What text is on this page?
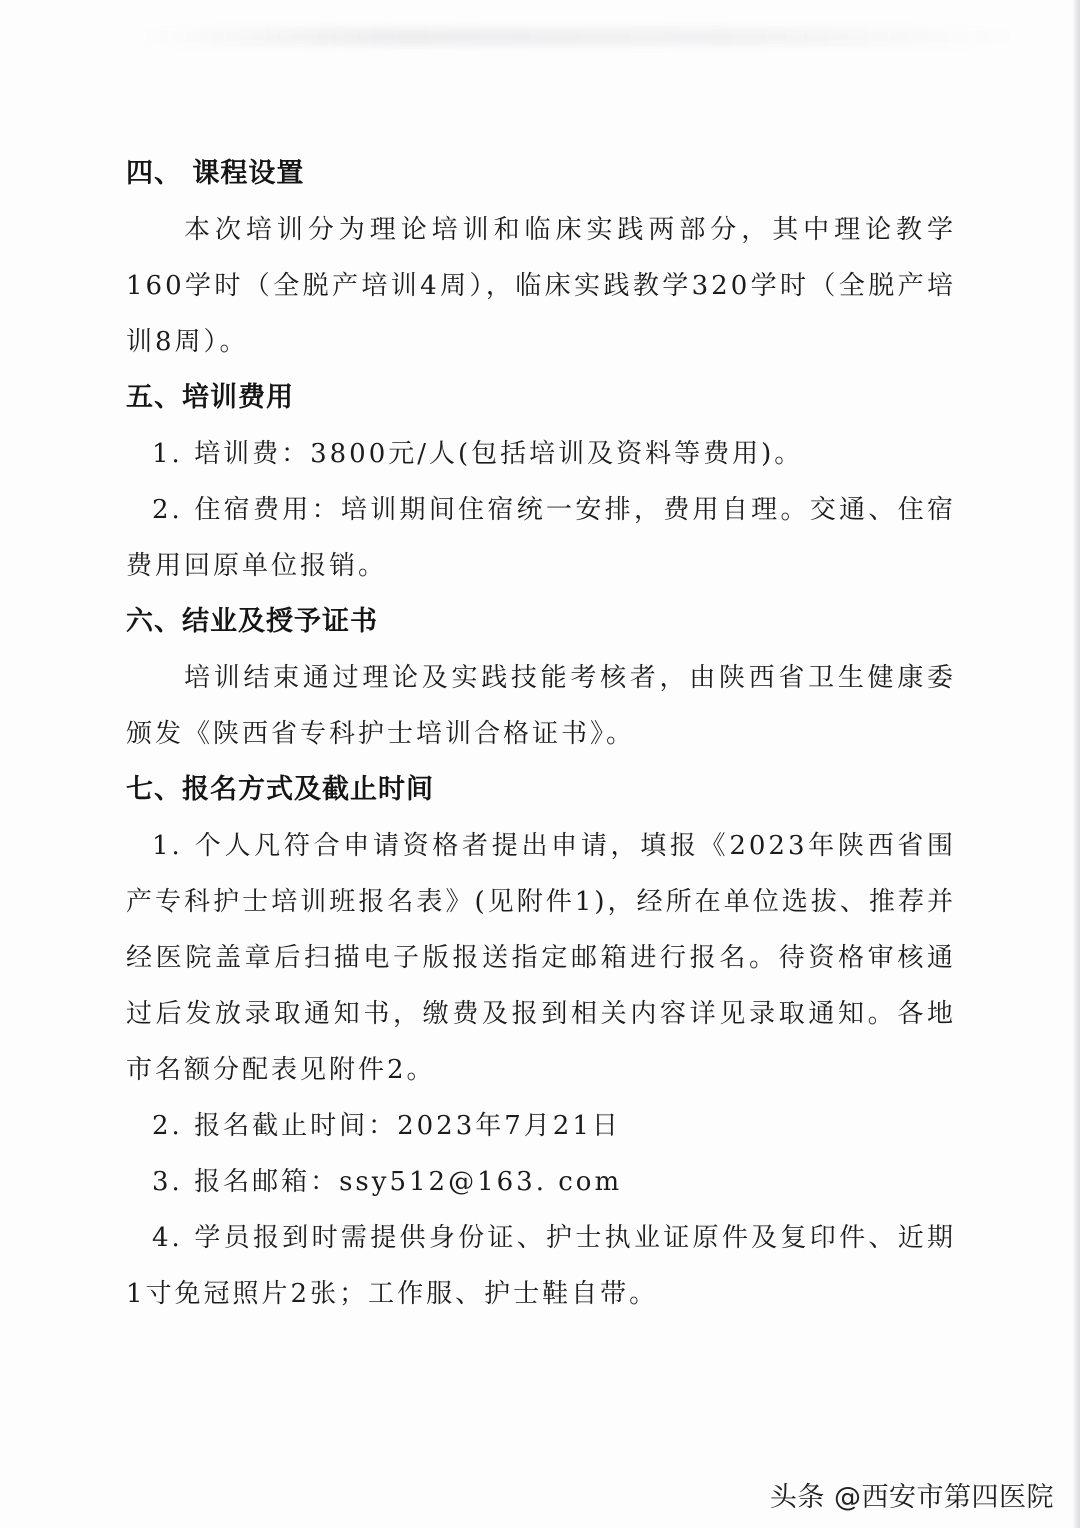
四、 课程设置
本次培训分为理论培训和临床实践两部分，其中理论教学160学时（全脱产培训4周），临床实践教学320学时（全脱产培训8周）。
五、培训费用
1. 培训费：3800元/人(包括培训及资料等费用)。
2. 住宿费用：培训期间住宿统一安排，费用自理。交通、住宿费用回原单位报销。
六、结业及授予证书
培训结束通过理论及实践技能考核者，由陕西省卫生健康委颁发《陕西省专科护士培训合格证书》。
七、报名方式及截止时间
1. 个人凡符合申请资格者提出申请，填报《2023年陕西省围产专科护士培训班报名表》(见附件1)，经所在单位选拔、推荐并经医院盖章后扫描电子版报送指定邮箱进行报名。待资格审核通过后发放录取通知书，缴费及报到相关内容详见录取通知。各地市名额分配表见附件2。
2. 报名截止时间：2023年7月21日
3. 报名邮箱：ssy512@163. com
4. 学员报到时需提供身份证、护士执业证原件及复印件、近期1寸免冠照片2张；工作服、护士鞋自带。
头条 @西安市第四医院
